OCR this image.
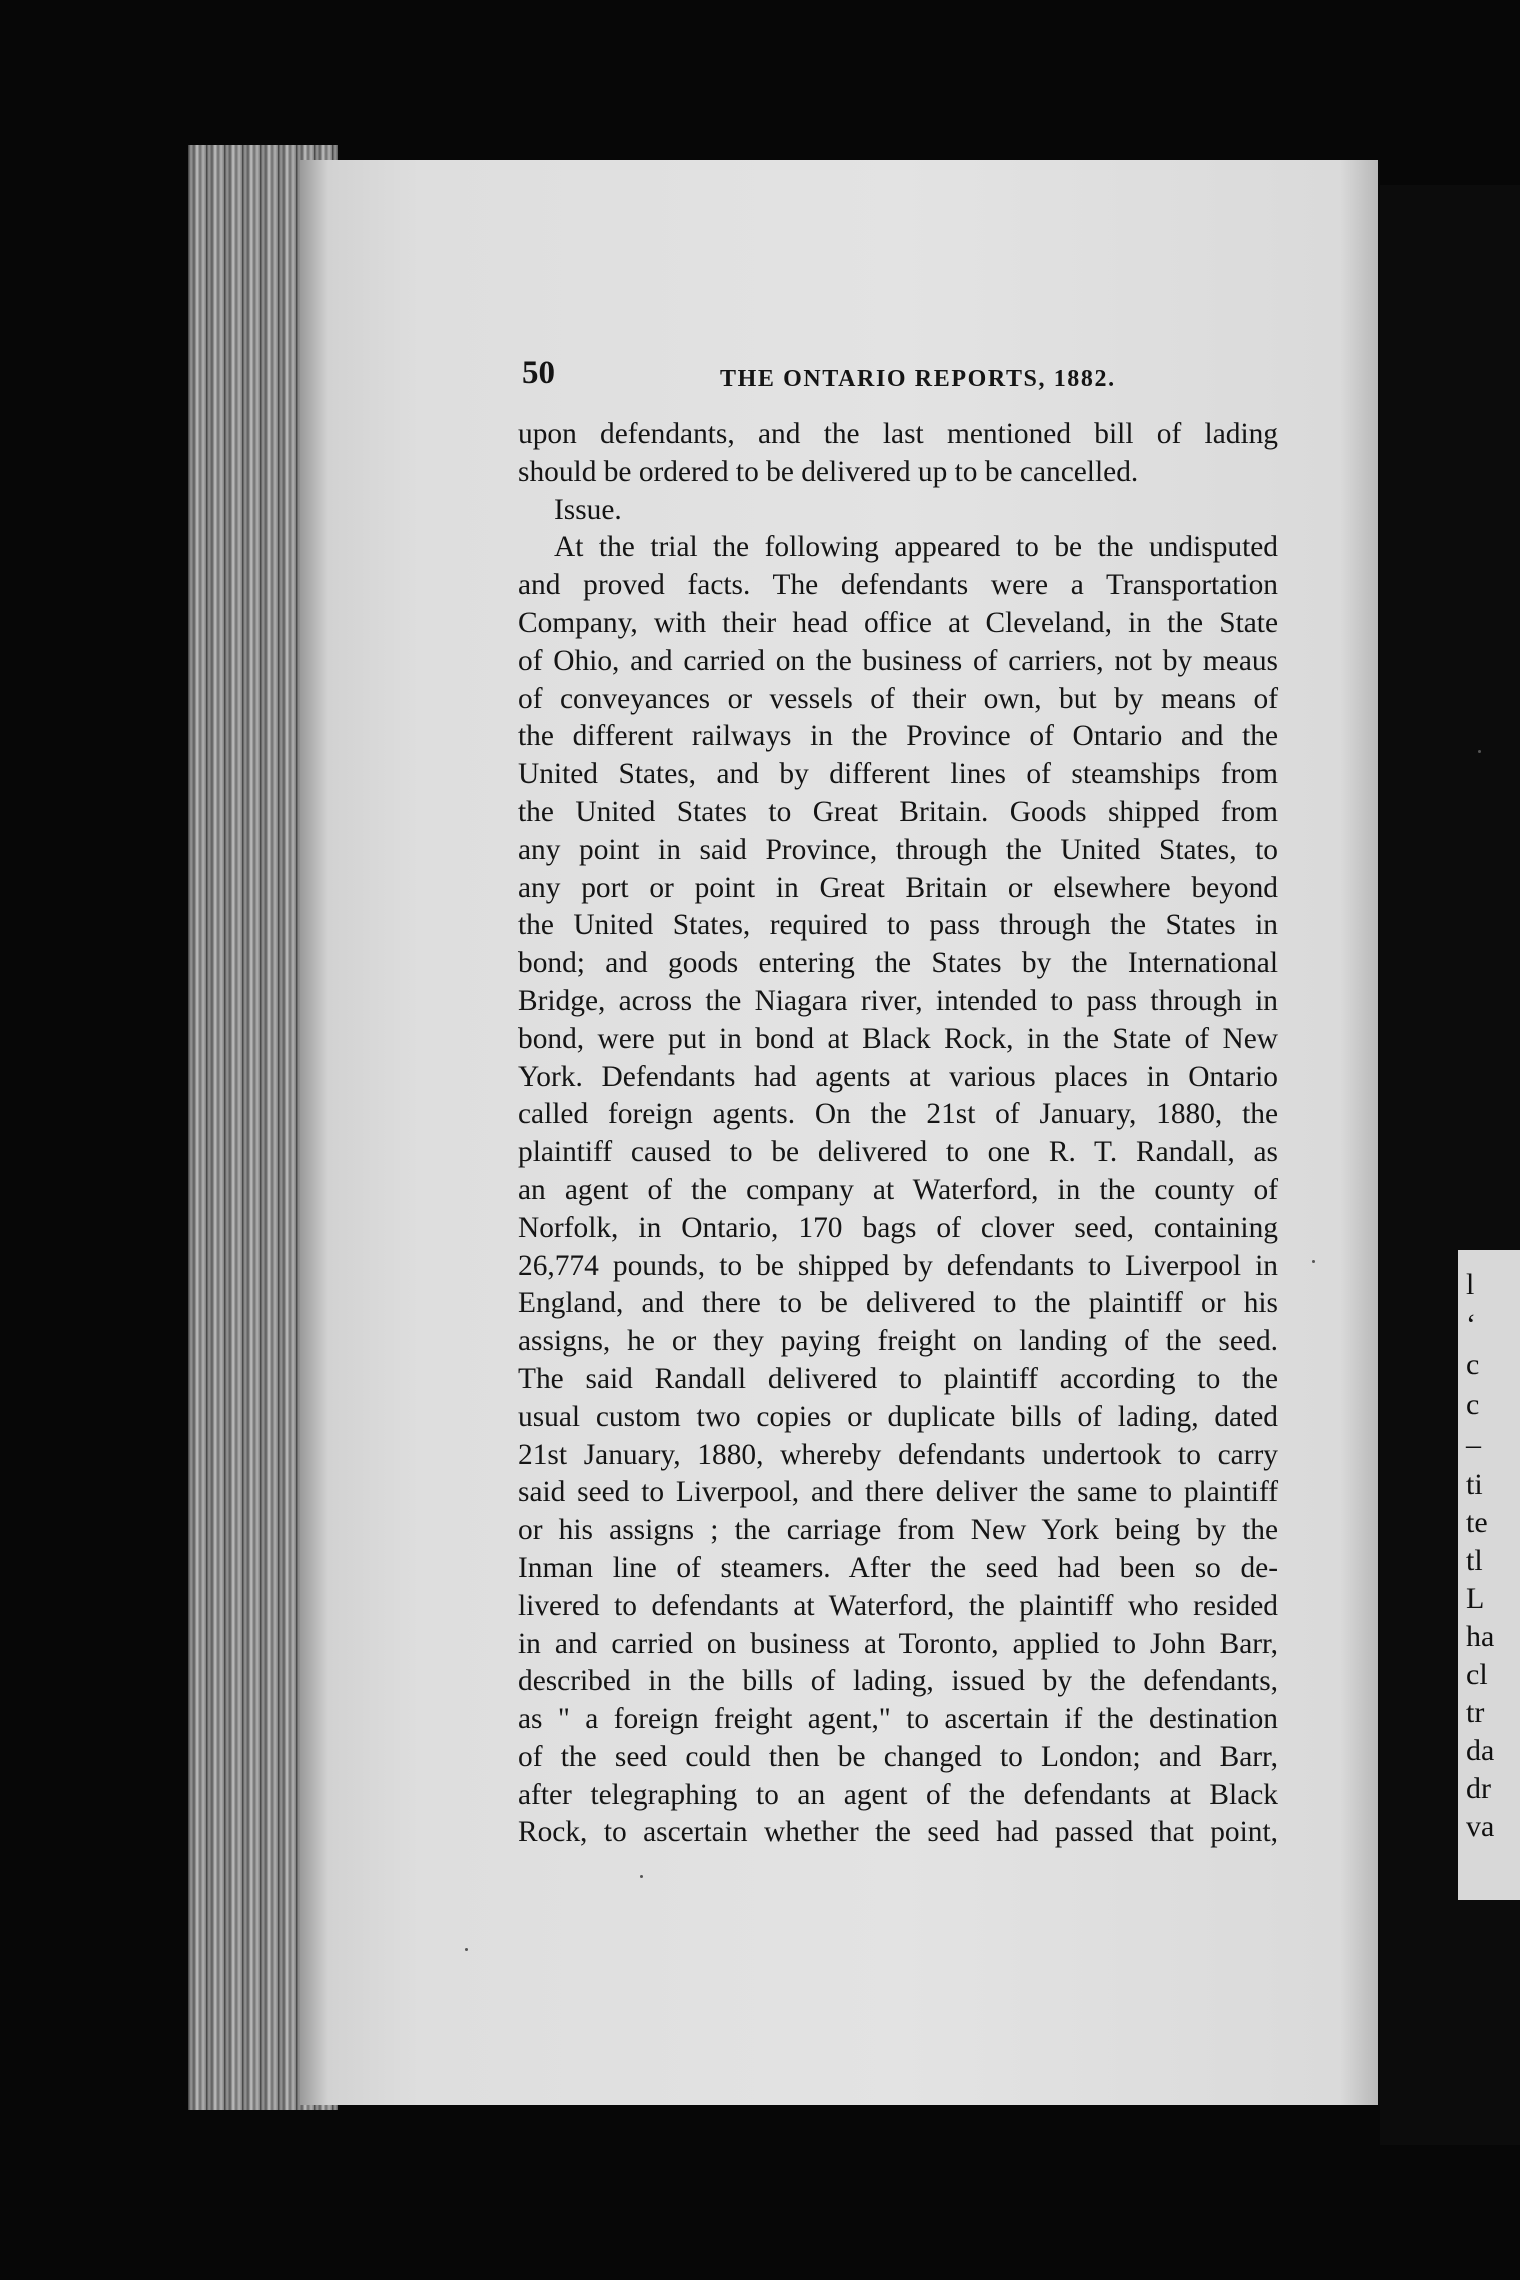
l
‘
c
c
–
ti
te
tl
L
ha
cl
tr
da
dr
va
50	THE ONTARIO REPORTS, 1882.
upon defendants, and the last mentioned bill of lading
should be ordered to be delivered up to be cancelled.
Issue.
At the trial the following appeared to be the undisputed
and proved facts. The defendants were a Transportation
Company, with their head office at Cleveland, in the State
of Ohio, and carried on the business of carriers, not by meaus
of conveyances or vessels of their own, but by means of
the different railways in the Province of Ontario and the
United States, and by different lines of steamships from
the United States to Great Britain. Goods shipped from
any point in said Province, through the United States, to
any port or point in Great Britain or elsewhere beyond
the United States, required to pass through the States in
bond; and goods entering the States by the International
Bridge, across the Niagara river, intended to pass through in
bond, were put in bond at Black Rock, in the State of New
York. Defendants had agents at various places in Ontario
called foreign agents. On the 21st of January, 1880, the
plaintiff caused to be delivered to one R. T. Randall, as
an agent of the company at Waterford, in the county of
Norfolk, in Ontario, 170 bags of clover seed, containing
26,774 pounds, to be shipped by defendants to Liverpool in
England, and there to be delivered to the plaintiff or his
assigns, he or they paying freight on landing of the seed.
The said Randall delivered to plaintiff according to the
usual custom two copies or duplicate bills of lading, dated
21st January, 1880, whereby defendants undertook to carry
said seed to Liverpool, and there deliver the same to plaintiff
or his assigns ; the carriage from New York being by the
Inman line of steamers. After the seed had been so de-
livered to defendants at Waterford, the plaintiff who resided
in and carried on business at Toronto, applied to John Barr,
described in the bills of lading, issued by the defendants,
as " a foreign freight agent," to ascertain if the destination
of the seed could then be changed to London; and Barr,
after telegraphing to an agent of the defendants at Black
Rock, to ascertain whether the seed had passed that point,
